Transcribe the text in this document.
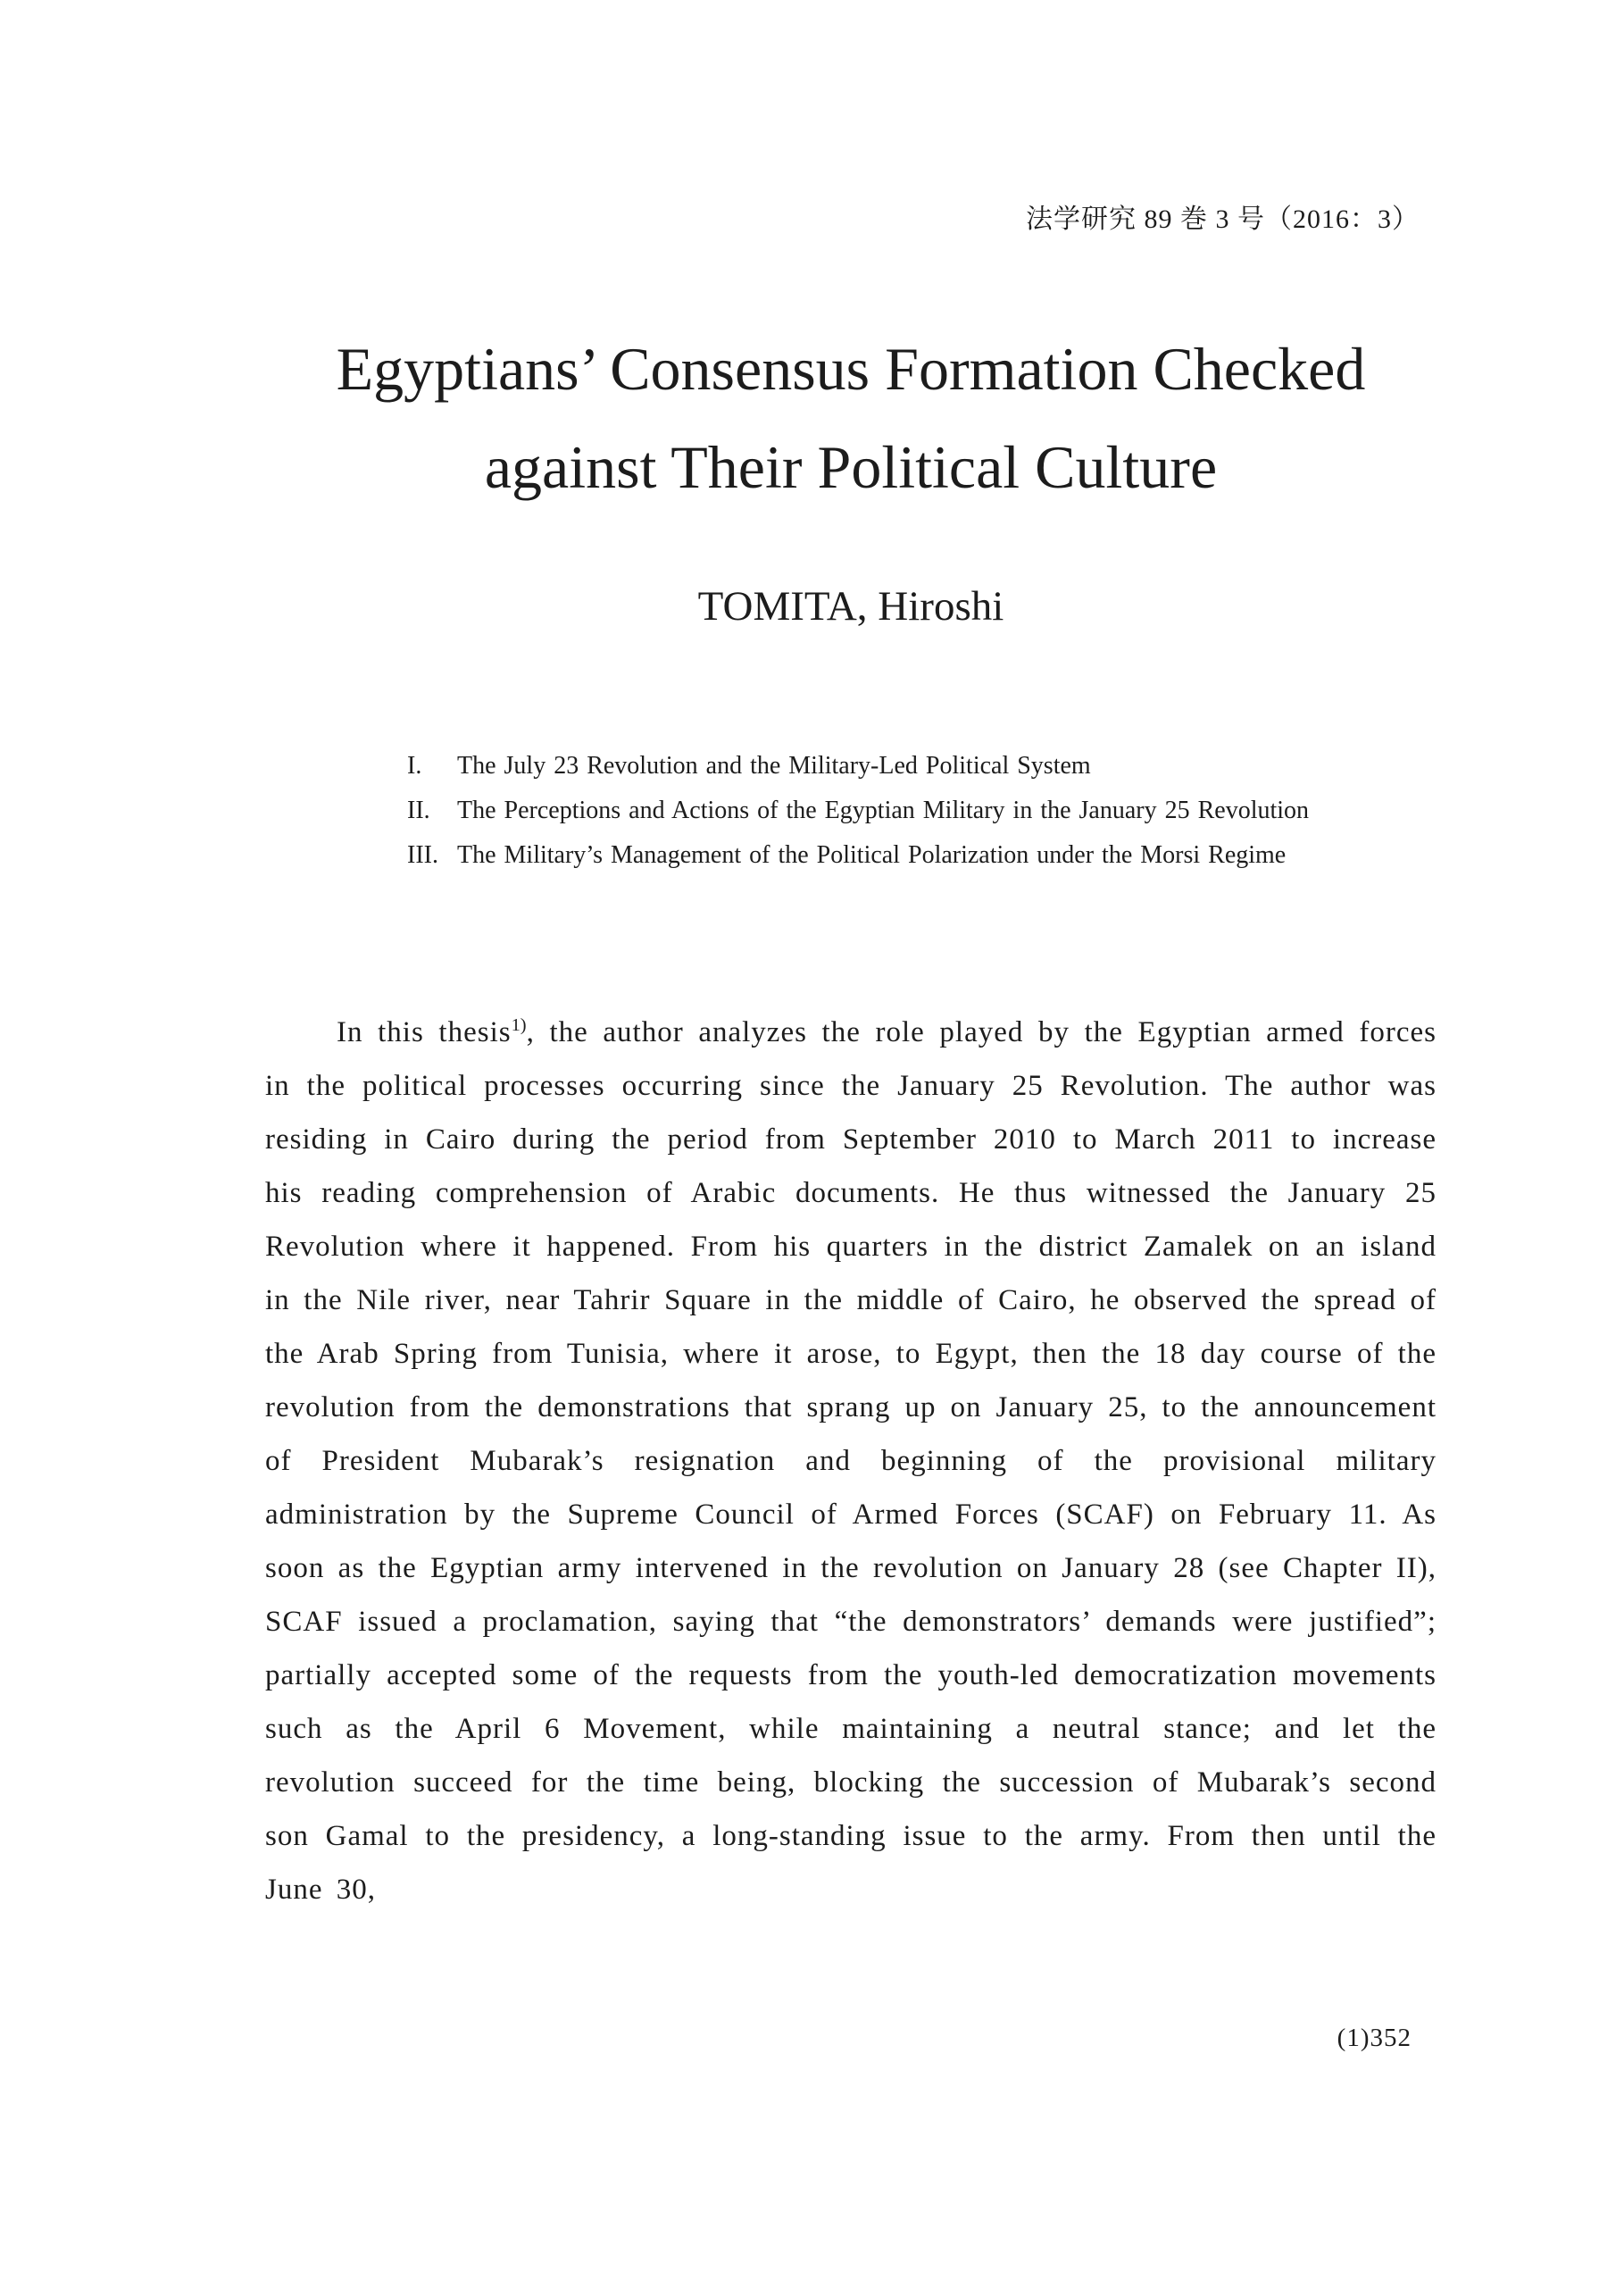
法学研究 89 巻 3 号（2016：3）
Egyptians’ Consensus Formation Checked
against Their Political Culture
TOMITA, Hiroshi
I.	The July 23 Revolution and the Military-Led Political System
II.	The Perceptions and Actions of the Egyptian Military in the January 25 Revolution
III. The Military’s Management of the Political Polarization under the Morsi Regime

In this thesis$^{1)}$, the author analyzes the role played by the Egyptian armed forces in the political processes occurring since the January 25 Revolution. The author was residing in Cairo during the period from September 2010 to March 2011 to increase his reading comprehension of Arabic documents. He thus witnessed the January 25 Revolution where it happened. From his quarters in the district Zamalek on an island in the Nile river, near Tahrir Square in the middle of Cairo, he observed the spread of the Arab Spring from Tunisia, where it arose, to Egypt, then the 18 day course of the revolution from the demonstrations that sprang up on January 25, to the announcement of President Mubarak’s resignation and beginning of the provisional military administration by the Supreme Council of Armed Forces (SCAF) on February 11. As soon as the Egyptian army intervened in the revolution on January 28 (see Chapter II), SCAF issued a proclamation, saying that “the demonstrators’ demands were justified”; partially accepted some of the requests from the youth-led democratization movements such as the April 6 Movement, while maintaining a neutral stance; and let the revolution succeed for the time being, blocking the succession of Mubarak’s second son Gamal to the presidency, a long-standing issue to the army. From then until the June 30,

(1)352
